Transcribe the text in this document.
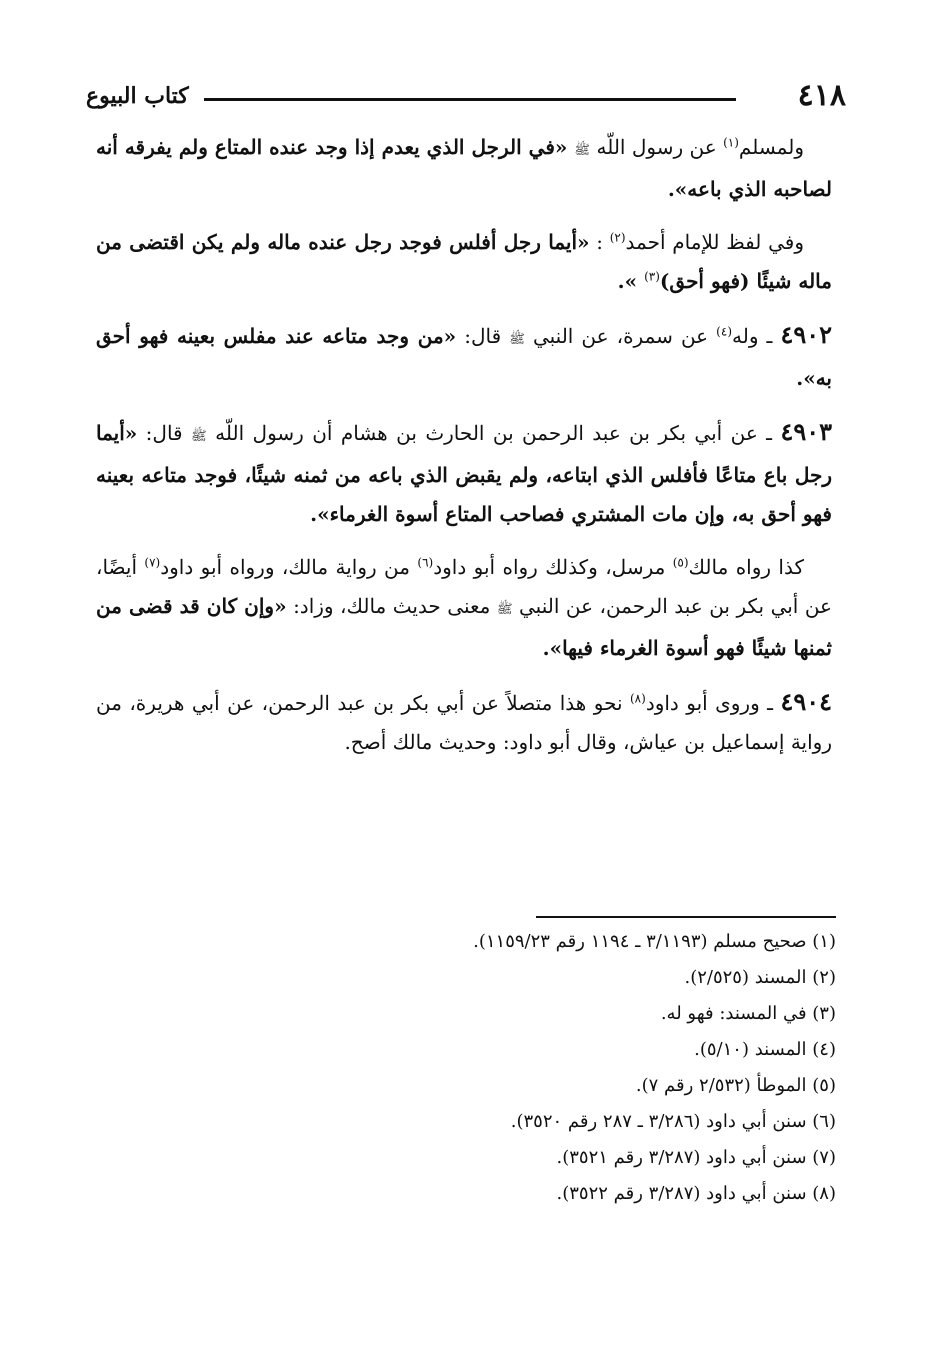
٤١٨
كتاب البيوع

ولمسلم$^{(١)}$ عن رسول اللّه ﷺ «في الرجل الذي يعدم إذا وجد عنده المتاع ولم يفرقه أنه لصاحبه الذي باعه».

وفي لفظ للإمام أحمد$^{(٢)}$ : «أيما رجل أفلس فوجد رجل عنده ماله ولم يكن اقتضى من ماله شيئًا (فهو أحق)$^{(٣)}$ ».

٤٩٠٢ ـ وله$^{(٤)}$ عن سمرة، عن النبي ﷺ قال: «من وجد متاعه عند مفلس بعينه فهو أحق به».

٤٩٠٣ ـ عن أبي بكر بن عبد الرحمن بن الحارث بن هشام أن رسول اللّه ﷺ قال: «أيما رجل باع متاعًا فأفلس الذي ابتاعه، ولم يقبض الذي باعه من ثمنه شيئًا، فوجد متاعه بعينه فهو أحق به، وإن مات المشتري فصاحب المتاع أسوة الغرماء».

كذا رواه مالك$^{(٥)}$ مرسل، وكذلك رواه أبو داود$^{(٦)}$ من رواية مالك، ورواه أبو داود$^{(٧)}$ أيضًا، عن أبي بكر بن عبد الرحمن، عن النبي ﷺ معنى حديث مالك، وزاد: «وإن كان قد قضى من ثمنها شيئًا فهو أسوة الغرماء فيها».

٤٩٠٤ ـ وروى أبو داود$^{(٨)}$ نحو هذا متصلاً عن أبي بكر بن عبد الرحمن، عن أبي هريرة، من رواية إسماعيل بن عياش، وقال أبو داود: وحديث مالك أصح.

(١) صحيح مسلم (٣/١١٩٣ ـ ١١٩٤ رقم ١١٥٩/٢٣).

(٢) المسند (٢/٥٢٥).

(٣) في المسند: فهو له.

(٤) المسند (٥/١٠).

(٥) الموطأ (٢/٥٣٢ رقم ٧).

(٦) سنن أبي داود (٣/٢٨٦ ـ ٢٨٧ رقم ٣٥٢٠).

(٧) سنن أبي داود (٣/٢٨٧ رقم ٣٥٢١).

(٨) سنن أبي داود (٣/٢٨٧ رقم ٣٥٢٢).
